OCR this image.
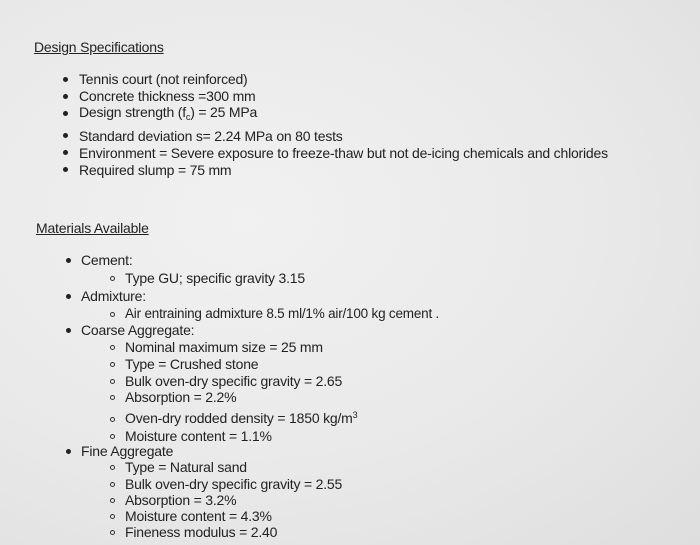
Design Specifications
Tennis court (not reinforced)
Concrete thickness =300 mm
Design strength $(f_c) = 25$ MPa
Standard deviation s= 2.24 MPa on 80 tests
Environment = Severe exposure to freeze-thaw but not de-icing chemicals and chlorides
Required slump = 75 mm
Materials Available
Cement:
Type GU; specific gravity 3.15
Admixture:
Air entraining admixture 8.5 ml/1% air/100 kg cement .
Coarse Aggregate:
Nominal maximum size = 25 mm
Type = Crushed stone
Bulk oven-dry specific gravity = 2.65
Absorption = 2.2%
Oven-dry rodded density = 1850 $kg/m^3$
Moisture content = 1.1%
Fine Aggregate
Type = Natural sand
Bulk oven-dry specific gravity = 2.55
Absorption = 3.2%
Moisture content = 4.3%
Fineness modulus = 2.40
